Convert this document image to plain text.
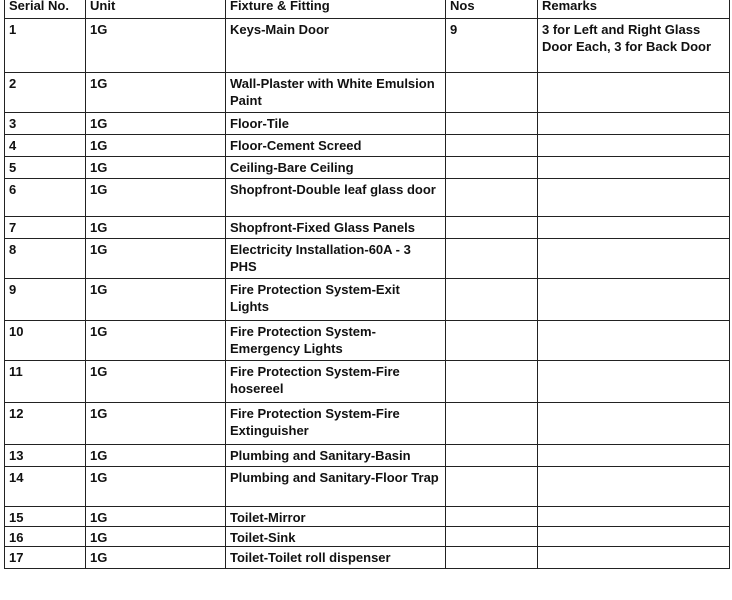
Serial No.	Unit	Fixture & Fitting	Nos	Remarks
1	1G	Keys-Main Door	9	3 for Left and Right Glass Door Each, 3 for Back Door
2	1G	Wall-Plaster with White Emulsion Paint		
3	1G	Floor-Tile		
4	1G	Floor-Cement Screed		
5	1G	Ceiling-Bare Ceiling		
6	1G	Shopfront-Double leaf glass door		
7	1G	Shopfront-Fixed Glass Panels		
8	1G	Electricity Installation-60A - 3 PHS		
9	1G	Fire Protection System-Exit Lights		
10	1G	Fire Protection System-Emergency Lights		
11	1G	Fire Protection System-Fire hosereel		
12	1G	Fire Protection System-Fire Extinguisher		
13	1G	Plumbing and Sanitary-Basin		
14	1G	Plumbing and Sanitary-Floor Trap		
15	1G	Toilet-Mirror		
16	1G	Toilet-Sink		
17	1G	Toilet-Toilet roll dispenser		
